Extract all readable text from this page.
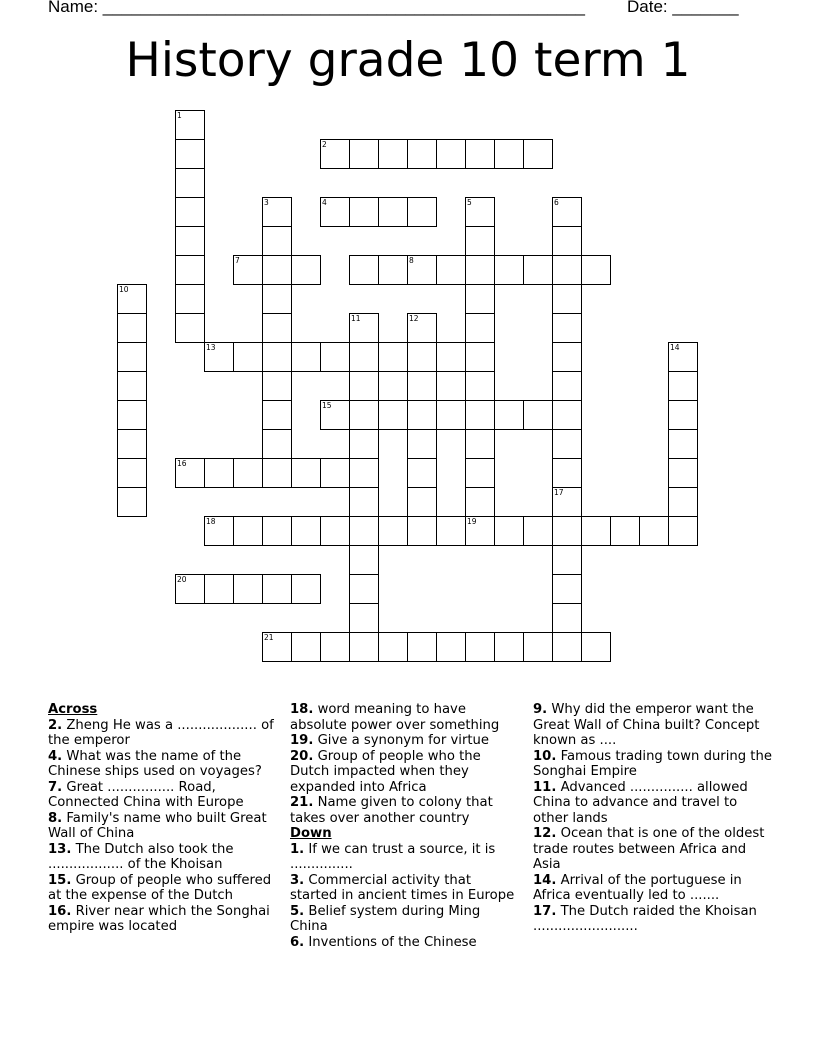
Name: ___________________________________________________ Date: _______
History grade 10 term 1
1
2
3	4	5
19
6
17
7	8
10
11	12
13	14
15
16
18
20
21

Across

2. Zheng He was a ................... of the emperor

4. What was the name of the Chinese ships used on voyages?

7. Great ................ Road, Connected China with Europe

8. Family's name who built Great Wall of China

13. The Dutch also took the .................. of the Khoisan

15. Group of people who suffered at the expense of the Dutch

16. River near which the Songhai empire was located

18. word meaning to have absolute power over something

19. Give a synonym for virtue

20. Group of people who the Dutch impacted when they expanded into Africa

21. Name given to colony that takes over another country

Down

1. If we can trust a source, it is ...............

3. Commercial activity that started in ancient times in Europe

5. Belief system during Ming China

6. Inventions of the Chinese

9. Why did the emperor want the Great Wall of China built? Concept known as ....

10. Famous trading town during the Songhai Empire

11. Advanced ............... allowed China to advance and travel to other lands

12. Ocean that is one of the oldest trade routes between Africa and Asia

14. Arrival of the portuguese in Africa eventually led to .......

17. The Dutch raided the Khoisan .........................
